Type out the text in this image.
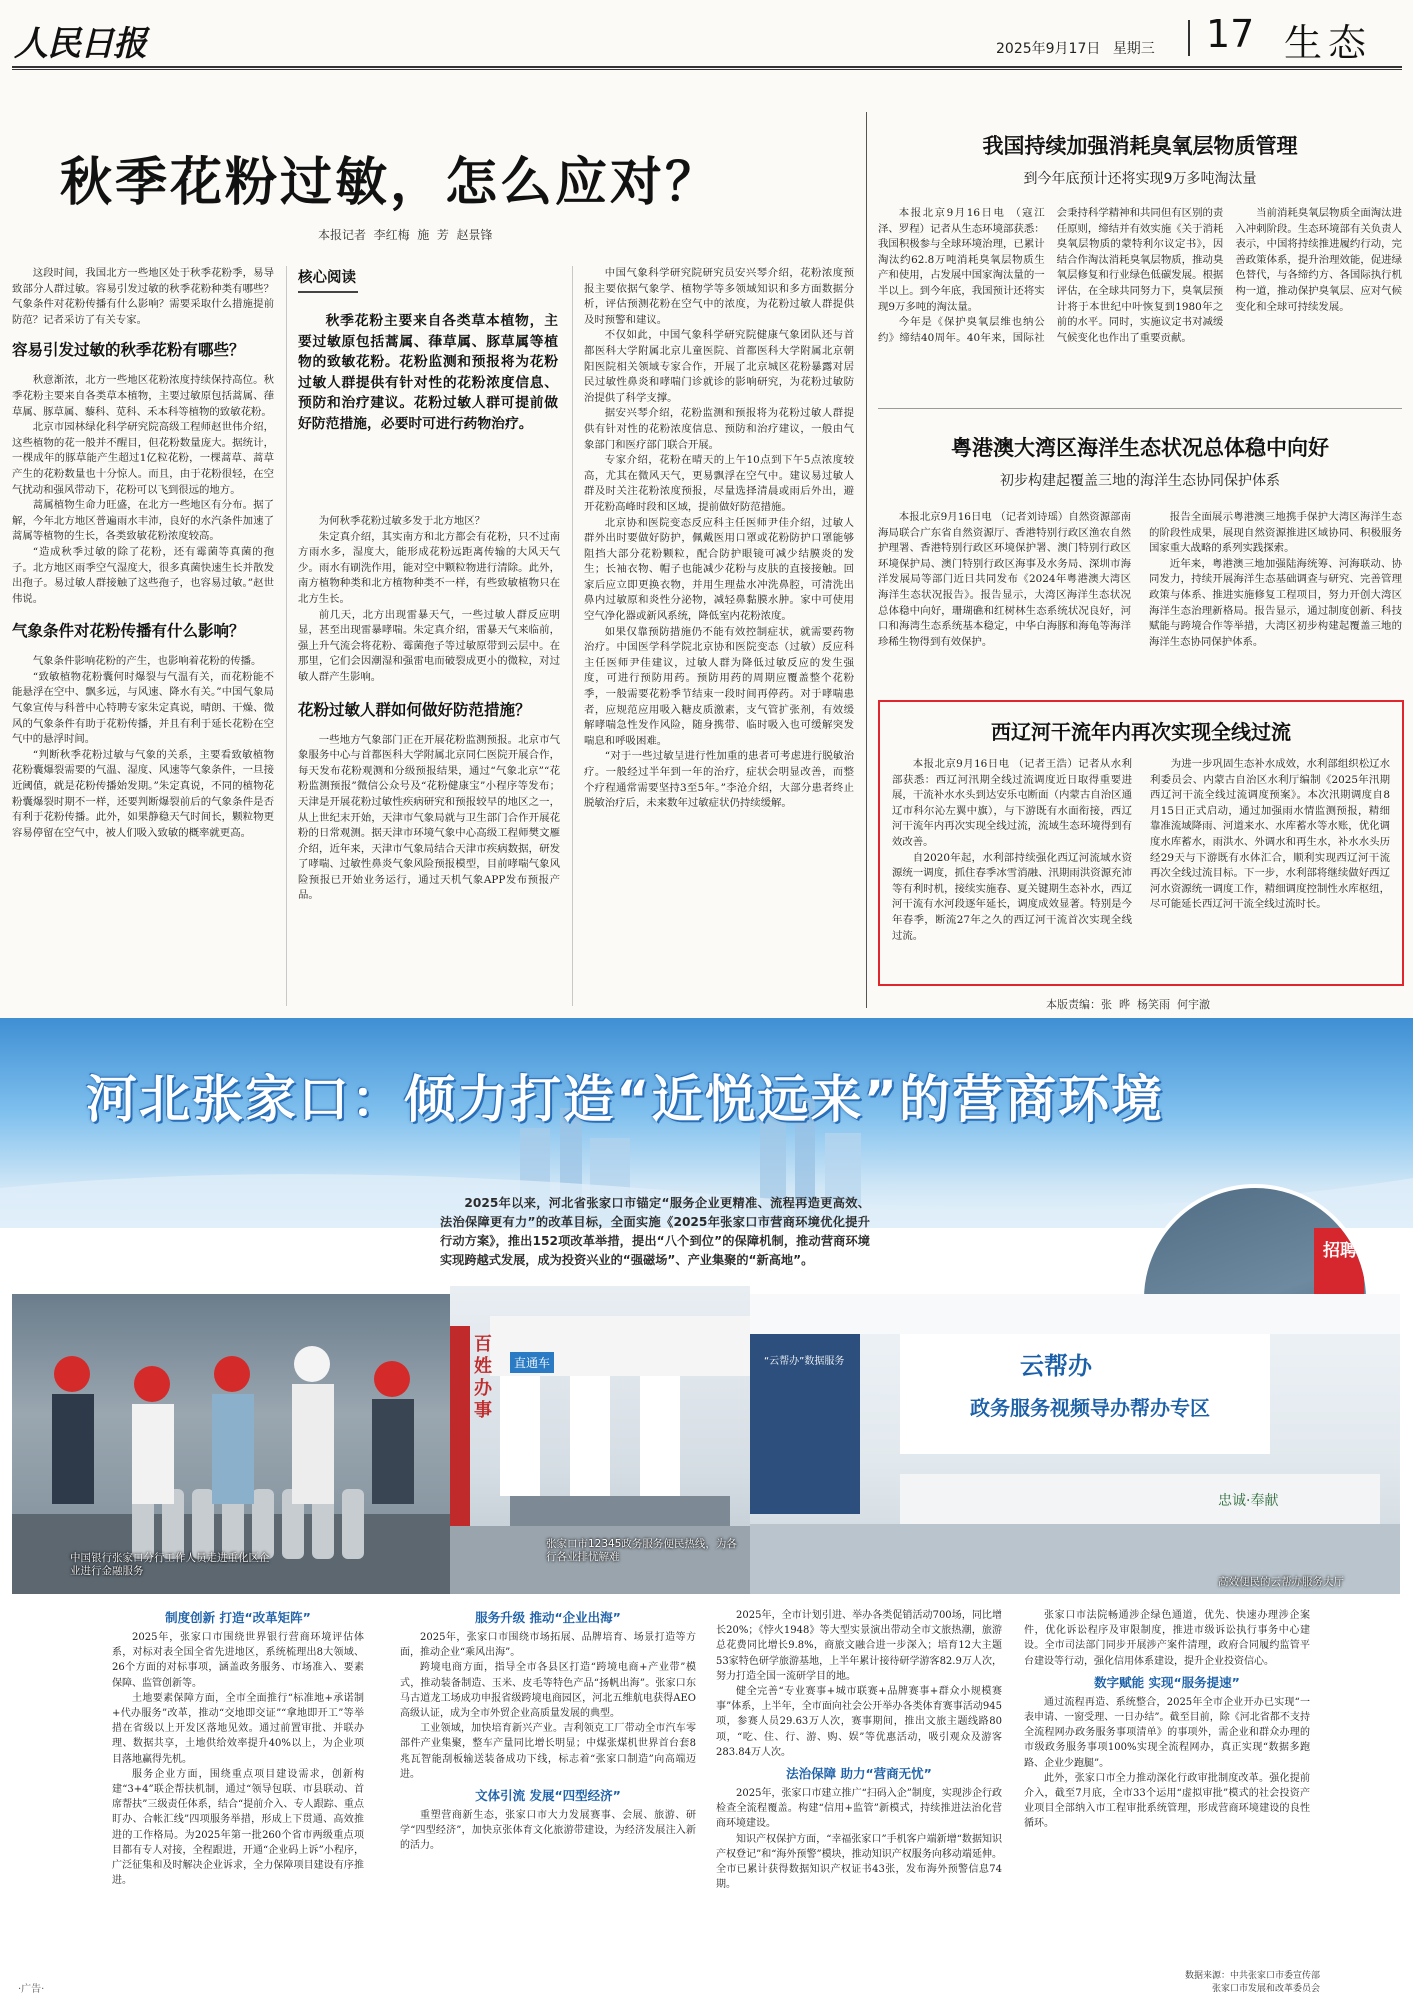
人民日报	2025年9月17日 星期三 17 生态
秋季花粉过敏，怎么应对？
本报记者  李红梅  施  芳  赵景锋

这段时间，我国北方一些地区处于秋季花粉季，易导致部分人群过敏。容易引发过敏的秋季花粉种类有哪些？气象条件对花粉传播有什么影响？需要采取什么措施提前防范？记者采访了有关专家。

容易引发过敏的秋季花粉有哪些？

秋意渐浓，北方一些地区花粉浓度持续保持高位。秋季花粉主要来自各类草本植物，主要过敏原包括蒿属、葎草属、豚草属、藜科、苋科、禾本科等植物的致敏花粉。

北京市园林绿化科学研究院高级工程师赵世伟介绍，这些植物的花一般并不醒目，但花粉数量庞大。据统计，一棵成年的豚草能产生超过1亿粒花粉，一棵蒿草、蒿草产生的花粉数量也十分惊人。而且，由于花粉很轻，在空气扰动和强风带动下，花粉可以飞到很远的地方。

蒿属植物生命力旺盛，在北方一些地区有分布。据了解，今年北方地区普遍雨水丰沛，良好的水汽条件加速了蒿属等植物的生长，各类致敏花粉浓度较高。

“造成秋季过敏的除了花粉，还有霉菌等真菌的孢子。北方地区雨季空气湿度大，很多真菌快速生长并散发出孢子。易过敏人群接触了这些孢子，也容易过敏。”赵世伟说。

气象条件对花粉传播有什么影响？

气象条件影响花粉的产生，也影响着花粉的传播。

“致敏植物花粉囊何时爆裂与气温有关，而花粉能不能悬浮在空中、飘多远，与风速、降水有关。”中国气象局气象宣传与科普中心特聘专家朱定真说，晴朗、干燥、微风的气象条件有助于花粉传播，并且有利于延长花粉在空气中的悬浮时间。

“判断秋季花粉过敏与气象的关系，主要看致敏植物花粉囊爆裂需要的气温、湿度、风速等气象条件，一旦接近阈值，就是花粉传播始发期。”朱定真说，不同的植物花粉囊爆裂时期不一样，还要判断爆裂前后的气象条件是否有利于花粉传播。此外，如果静稳天气时间长，颗粒物更容易停留在空气中，被人们吸入致敏的概率就更高。

核心阅读
秋季花粉主要来自各类草本植物，主要过敏原包括蒿属、葎草属、豚草属等植物的致敏花粉。花粉监测和预报将为花粉过敏人群提供有针对性的花粉浓度信息、预防和治疗建议。花粉过敏人群可提前做好防范措施，必要时可进行药物治疗。

为何秋季花粉过敏多发于北方地区？

朱定真介绍，其实南方和北方都会有花粉，只不过南方雨水多，湿度大，能形成花粉远距离传输的大风天气少。雨水有刷洗作用，能对空中颗粒物进行清除。此外，南方植物种类和北方植物种类不一样，有些致敏植物只在北方生长。

前几天，北方出现雷暴天气，一些过敏人群反应明显，甚至出现雷暴哮喘。朱定真介绍，雷暴天气来临前，强上升气流会将花粉、霉菌孢子等过敏原带到云层中。在那里，它们会因潮湿和强雷电而破裂成更小的微粒，对过敏人群产生影响。

花粉过敏人群如何做好防范措施？

一些地方气象部门正在开展花粉监测预报。北京市气象服务中心与首都医科大学附属北京同仁医院开展合作，每天发布花粉观测和分级预报结果，通过“气象北京”“花粉监测预报”微信公众号及“花粉健康宝”小程序等发布；天津是开展花粉过敏性疾病研究和预报较早的地区之一，从上世纪末开始，天津市气象局就与卫生部门合作开展花粉的日常观测。据天津市环境气象中心高级工程师樊文雁介绍，近年来，天津市气象局结合天津市疾病数据，研发了哮喘、过敏性鼻炎气象风险预报模型，目前哮喘气象风险预报已开始业务运行，通过天机气象APP发布预报产品。

中国气象科学研究院研究员安兴琴介绍，花粉浓度预报主要依据气象学、植物学等多领域知识和多方面数据分析，评估预测花粉在空气中的浓度，为花粉过敏人群提供及时预警和建议。

不仅如此，中国气象科学研究院健康气象团队还与首都医科大学附属北京儿童医院、首都医科大学附属北京朝阳医院相关领域专家合作，开展了北京城区花粉暴露对居民过敏性鼻炎和哮喘门诊就诊的影响研究，为花粉过敏防治提供了科学支撑。

据安兴琴介绍，花粉监测和预报将为花粉过敏人群提供有针对性的花粉浓度信息、预防和治疗建议，一般由气象部门和医疗部门联合开展。

专家介绍，花粉在晴天的上午10点到下午5点浓度较高，尤其在微风天气，更易飘浮在空气中。建议易过敏人群及时关注花粉浓度预报，尽量选择清晨或雨后外出，避开花粉高峰时段和区域，提前做好防范措施。

北京协和医院变态反应科主任医师尹佳介绍，过敏人群外出时要做好防护，佩戴医用口罩或花粉防护口罩能够阻挡大部分花粉颗粒，配合防护眼镜可减少结膜炎的发生；长袖衣物、帽子也能减少花粉与皮肤的直接接触。回家后应立即更换衣物，并用生理盐水冲洗鼻腔，可清洗出鼻内过敏原和炎性分泌物，减轻鼻黏膜水肿。家中可使用空气净化器或新风系统，降低室内花粉浓度。

如果仅靠预防措施仍不能有效控制症状，就需要药物治疗。中国医学科学院北京协和医院变态（过敏）反应科主任医师尹佳建议，过敏人群为降低过敏反应的发生强度，可进行预防用药。预防用药的周期应覆盖整个花粉季，一般需要花粉季节结束一段时间再停药。对于哮喘患者，应规范应用吸入糖皮质激素，支气管扩张剂，有效缓解哮喘急性发作风险，随身携带、临时吸入也可缓解突发喘息和呼吸困难。

“对于一些过敏呈进行性加重的患者可考虑进行脱敏治疗。一般经过半年到一年的治疗，症状会明显改善，而整个疗程通常需要坚持3至5年。”李沧介绍，大部分患者终止脱敏治疗后，未来数年过敏症状仍持续缓解。

我国持续加强消耗臭氧层物质管理
到今年底预计还将实现9万多吨淘汰量

本报北京9月16日电 （寇江泽、罗程）记者从生态环境部获悉：我国积极参与全球环境治理，已累计淘汰约62.8万吨消耗臭氧层物质生产和使用，占发展中国家淘汰量的一半以上。到今年底，我国预计还将实现9万多吨的淘汰量。

今年是《保护臭氧层维也纳公约》缔结40周年。40年来，国际社会秉持科学精神和共同但有区别的责任原则，缔结并有效实施《关于消耗臭氧层物质的蒙特利尔议定书》，因结合作淘汰消耗臭氧层物质，推动臭氧层修复和行业绿色低碳发展。根据评估，在全球共同努力下，臭氧层预计将于本世纪中叶恢复到1980年之前的水平。同时，实施议定书对减缓气候变化也作出了重要贡献。

当前消耗臭氧层物质全面淘汰进入冲刺阶段。生态环境部有关负责人表示，中国将持续推进履约行动，完善政策体系，提升治理效能，促进绿色替代，与各缔约方、各国际执行机构一道，推动保护臭氧层、应对气候变化和全球可持续发展。

粤港澳大湾区海洋生态状况总体稳中向好
初步构建起覆盖三地的海洋生态协同保护体系

本报北京9月16日电 （记者刘诗瑶）自然资源部南海局联合广东省自然资源厅、香港特别行政区渔农自然护理署、香港特别行政区环境保护署、澳门特别行政区环境保护局、澳门特别行政区海事及水务局、深圳市海洋发展局等部门近日共同发布《2024年粤港澳大湾区海洋生态状况报告》。报告显示，大湾区海洋生态状况总体稳中向好，珊瑚礁和红树林生态系统状况良好，河口和海湾生态系统基本稳定，中华白海豚和海龟等海洋珍稀生物得到有效保护。

报告全面展示粤港澳三地携手保护大湾区海洋生态的阶段性成果，展现自然资源推进区域协同、积极服务国家重大战略的系列实践探索。

近年来，粤港澳三地加强陆海统筹、河海联动、协同发力，持续开展海洋生态基础调查与研究、完善管理政策与体系、推进实施修复工程项目，努力开创大湾区海洋生态治理新格局。报告显示，通过制度创新、科技赋能与跨境合作等举措，大湾区初步构建起覆盖三地的海洋生态协同保护体系。

西辽河干流年内再次实现全线过流

本报北京9月16日电 （记者王浩）记者从水利部获悉：西辽河汛期全线过流调度近日取得重要进展，干流补水水头到达安乐屯断面（内蒙古自治区通辽市科尔沁左翼中旗），与下游既有水面衔接，西辽河干流年内再次实现全线过流，流域生态环境得到有效改善。

自2020年起，水利部持续强化西辽河流域水资源统一调度，抓住春季冰雪消融、汛期雨洪资源充沛等有利时机，接续实施春、夏关键期生态补水，西辽河干流有水河段逐年延长，调度成效显著。特别是今年春季，断流27年之久的西辽河干流首次实现全线过流。

为进一步巩固生态补水成效，水利部组织松辽水利委员会、内蒙古自治区水利厅编制《2025年汛期西辽河干流全线过流调度预案》。本次汛期调度自8月15日正式启动，通过加强雨水情监测预报，精细靠准流域降雨、河道来水、水库蓄水等水账，优化调度水库蓄水，雨洪水、外调水和再生水，补水水头历经29天与下游既有水体汇合，顺利实现西辽河干流再次全线过流目标。下一步，水利部将继续做好西辽河水资源统一调度工作，精细调度控制性水库枢纽，尽可能延长西辽河干流全线过流时长。

本版责编：张  晔  杨笑雨  何宇澈
河北张家口：倾力打造“近悦远来”的营商环境
2025年以来，河北省张家口市锚定“服务企业更精准、流程再造更高效、法治保障更有力”的改革目标，全面实施《2025年张家口市营商环境优化提升行动方案》，推出152项改革举措，提出“八个到位”的保障机制，推动营商环境实现跨越式发展，成为投资兴业的“强磁场”、产业集聚的“新高地”。
中国银行张家口分行工作人员走进重化区企业进行金融服务
百姓办事
直通车
张家口市12345政务服务便民热线，为各行各业排忧解难
招聘
“云帮办”数据服务	云帮办
政务服务视频导办帮办专区
忠诚·奉献
高效便民的云帮办服务大厅
制度创新 打造“改革矩阵”

2025年，张家口市围绕世界银行营商环境评估体系，对标对表全国全省先进地区，系统梳理出8大领域、26个方面的对标事项，涵盖政务服务、市场准入、要素保障、监管创新等。

土地要素保障方面，全市全面推行“标准地+承诺制+代办服务”改革，推动“交地即交证”“拿地即开工”等举措在省级以上开发区落地见效。通过前置审批、并联办理、数据共享，土地供给效率提升40%以上，为企业项目落地赢得先机。

服务企业方面，围绕重点项目建设需求，创新构建“3+4”联企帮扶机制，通过“领导包联、市县联动、首席帮扶”三级责任体系，结合“提前介入、专人跟踪、重点盯办、合帐汇线”四项服务举措，形成上下贯通、高效推进的工作格局。为2025年第一批260个省市两级重点项目都有专人对接，全程跟进，开通“企业码上诉”小程序，广泛征集和及时解决企业诉求，全力保障项目建设有序推进。

服务升级 推动“企业出海”

2025年，张家口市围绕市场拓展、品牌培育、场景打造等方面，推动企业“乘风出海”。

跨境电商方面，指导全市各县区打造“跨境电商+产业带”模式，推动装备制造、玉米、皮毛等特色产品“扬帆出海”。张家口东马古道龙工场成功申报省级跨境电商园区，河北五维航电获得AEO高级认证，成为全市外贸企业高质量发展的典型。

工业领域，加快培育新兴产业。吉利领克工厂带动全市汽车零部件产业集聚，整车产量同比增长明显；中煤张煤机世界首台套8兆瓦智能刮板输送装备成功下线，标志着“张家口制造”向高端迈进。

文体引流 发展“四型经济”

重塑营商新生态，张家口市大力发展赛事、会展、旅游、研学“四型经济”，加快京张体育文化旅游带建设，为经济发展注入新的活力。

2025年，全市计划引进、举办各类促销活动700场，同比增长20%；《悖火1948》等大型实景演出带动全市文旅热潮，旅游总花费同比增长9.8%，商旅文融合进一步深入；培育12大主题53家特色研学旅游基地，上半年累计接待研学游客82.9万人次，努力打造全国一流研学目的地。

健全完善“专业赛事+城市联赛+品牌赛事+群众小规模赛事”体系，上半年，全市面向社会公开举办各类体育赛事活动945项，参赛人员29.63万人次，赛事期间，推出文旅主题线路80项，“吃、住、行、游、购、娱”等优惠活动，吸引观众及游客283.84万人次。

法治保障 助力“营商无忧”

2025年，张家口市建立推广“扫码入企”制度，实现涉企行政检查全流程覆盖。构建“信用+监管”新模式，持续推进法治化营商环境建设。

知识产权保护方面，“幸福张家口”手机客户端新增“数据知识产权登记”和“海外预警”模块，推动知识产权服务向移动端延伸。全市已累计获得数据知识产权证书43张，发布海外预警信息74期。

张家口市法院畅通涉企绿色通道，优先、快速办理涉企案件，优化诉讼程序及审限制度，推进市级诉讼执行事务中心建设。全市司法部门同步开展涉产案件清理，政府合同履约监管平台建设等行动，强化信用体系建设，提升企业投资信心。

数字赋能 实现“服务提速”

通过流程再造、系统整合，2025年全市企业开办已实现“一表申请、一窗受理、一日办结”。截至目前，除《河北省都不支持全流程网办政务服务事项清单》的事项外，需企业和群众办理的市级政务服务事项100%实现全流程网办，真正实现“数据多跑路、企业少跑腿”。

此外，张家口市全力推动深化行政审批制度改革。强化提前介入，截至7月底，全市33个运用“虚拟审批”模式的社会投资产业项目全部纳入市工程审批系统管理，形成营商环境建设的良性循环。

数据来源：中共张家口市委宣传部
张家口市发展和改革委员会
·广告·
